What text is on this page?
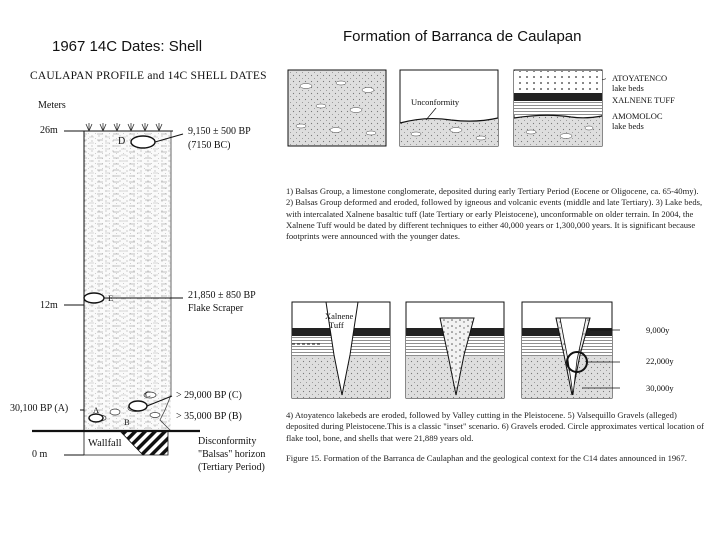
1967 14C Dates: Shell
Formation of Barranca de Caulapan
CAULAPAN PROFILE and 14C SHELL DATES
Meters
26m
12m
0 m
30,100 BP (A)
D
E
C
A
B
Wallfall
9,150 ± 500 BP
(7150 BC)
21,850 ± 850 BP
Flake Scraper
> 29,000 BP (C)
> 35,000 BP (B)
Disconformity
"Balsas" horizon
(Tertiary Period)
Unconformity
ATOYATENCO
lake beds
XALNENE TUFF
AMOMOLOC
lake beds
1) Balsas Group, a limestone conglomerate, deposited during early Tertiary Period (Eocene or Oligocene, ca. 65-40my). 2) Balsas Group deformed and eroded, followed by igneous and volcanic events (middle and late Tertiary). 3) Lake beds, with intercalated Xalnene basaltic tuff (late Tertiary or early Pleistocene), unconformable on older terrain. In 2004, the Xalnene Tuff would be dated by different techniques to either 40,000 years or 1,300,000 years. It is significant because footprints were announced with the younger dates.
Xalnene
Tuff	9,000y
22,000y
30,000y
4) Atoyatenco lakebeds are eroded, followed by Valley cutting in the Pleistocene. 5) Valsequillo Gravels (alleged) deposited during Pleistocene.This is a classic "inset" scenario. 6) Gravels eroded. Circle approximates vertical location of flake tool, bone, and shells that were 21,889 years old.
Figure 15. Formation of the Barranca de Caulaphan and the geological context for the C14 dates announced in 1967.
